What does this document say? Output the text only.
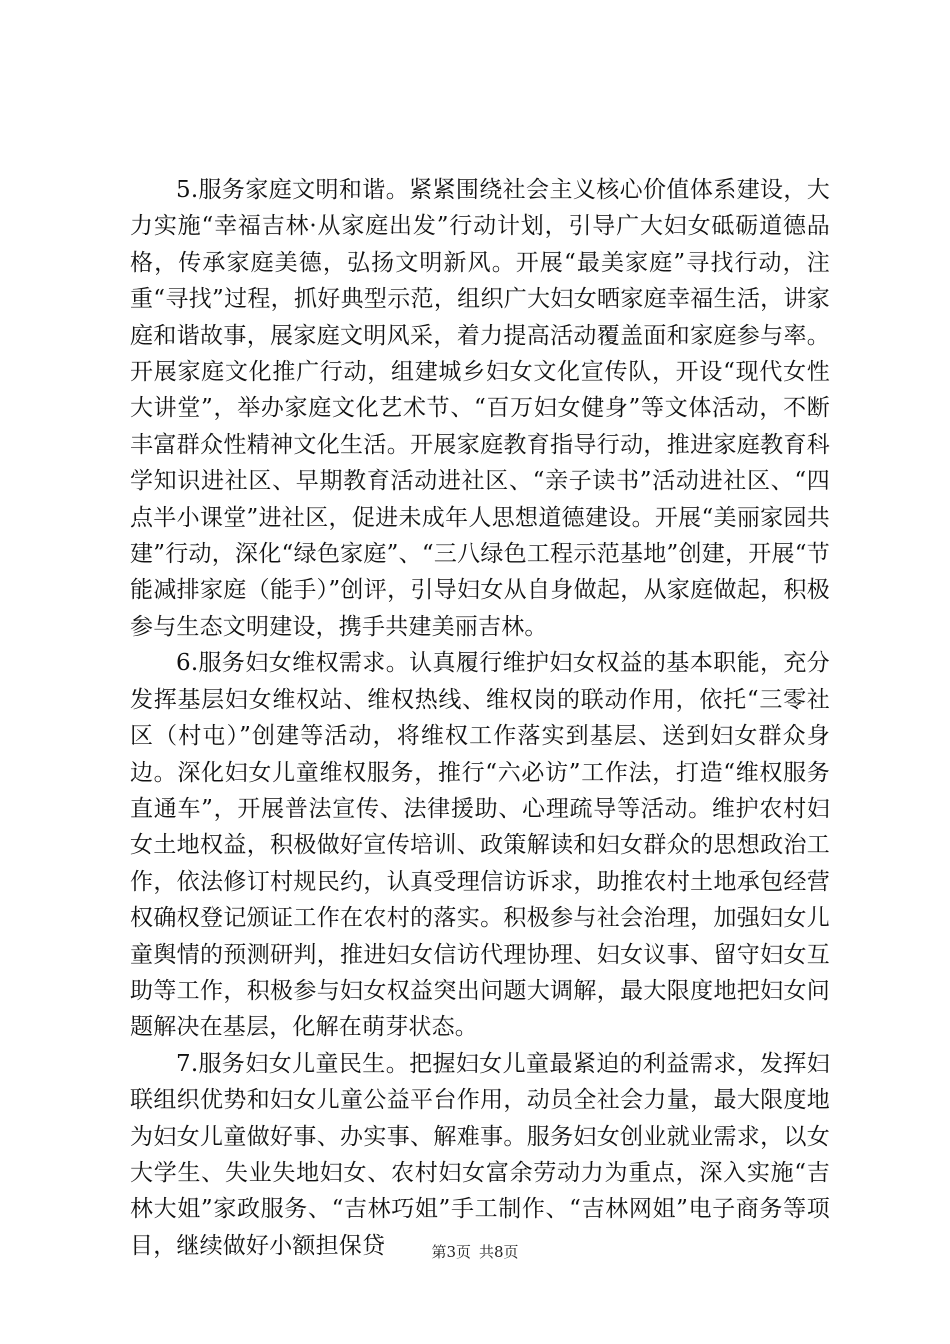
5.服务家庭文明和谐。紧紧围绕社会主义核心价值体系建设，大力实施“幸福吉林·从家庭出发”行动计划，引导广大妇女砥砺道德品格，传承家庭美德，弘扬文明新风。开展“最美家庭”寻找行动，注重“寻找”过程，抓好典型示范，组织广大妇女晒家庭幸福生活，讲家庭和谐故事，展家庭文明风采，着力提高活动覆盖面和家庭参与率。开展家庭文化推广行动，组建城乡妇女文化宣传队，开设“现代女性大讲堂”，举办家庭文化艺术节、“百万妇女健身”等文体活动，不断丰富群众性精神文化生活。开展家庭教育指导行动，推进家庭教育科学知识进社区、早期教育活动进社区、“亲子读书”活动进社区、“四点半小课堂”进社区，促进未成年人思想道德建设。开展“美丽家园共建”行动，深化“绿色家庭”、“三八绿色工程示范基地”创建，开展“节能减排家庭（能手）”创评，引导妇女从自身做起，从家庭做起，积极参与生态文明建设，携手共建美丽吉林。

6.服务妇女维权需求。认真履行维护妇女权益的基本职能，充分发挥基层妇女维权站、维权热线、维权岗的联动作用，依托“三零社区（村屯）”创建等活动，将维权工作落实到基层、送到妇女群众身边。深化妇女儿童维权服务，推行“六必访”工作法，打造“维权服务直通车”，开展普法宣传、法律援助、心理疏导等活动。维护农村妇女土地权益，积极做好宣传培训、政策解读和妇女群众的思想政治工作，依法修订村规民约，认真受理信访诉求，助推农村土地承包经营权确权登记颁证工作在农村的落实。积极参与社会治理，加强妇女儿童舆情的预测研判，推进妇女信访代理协理、妇女议事、留守妇女互助等工作，积极参与妇女权益突出问题大调解，最大限度地把妇女问题解决在基层，化解在萌芽状态。

7.服务妇女儿童民生。把握妇女儿童最紧迫的利益需求，发挥妇联组织优势和妇女儿童公益平台作用，动员全社会力量，最大限度地为妇女儿童做好事、办实事、解难事。服务妇女创业就业需求，以女大学生、失业失地妇女、农村妇女富余劳动力为重点，深入实施“吉林大姐”家政服务、“吉林巧姐”手工制作、“吉林网姐”电子商务等项目，继续做好小额担保贷	第3页 共8页
